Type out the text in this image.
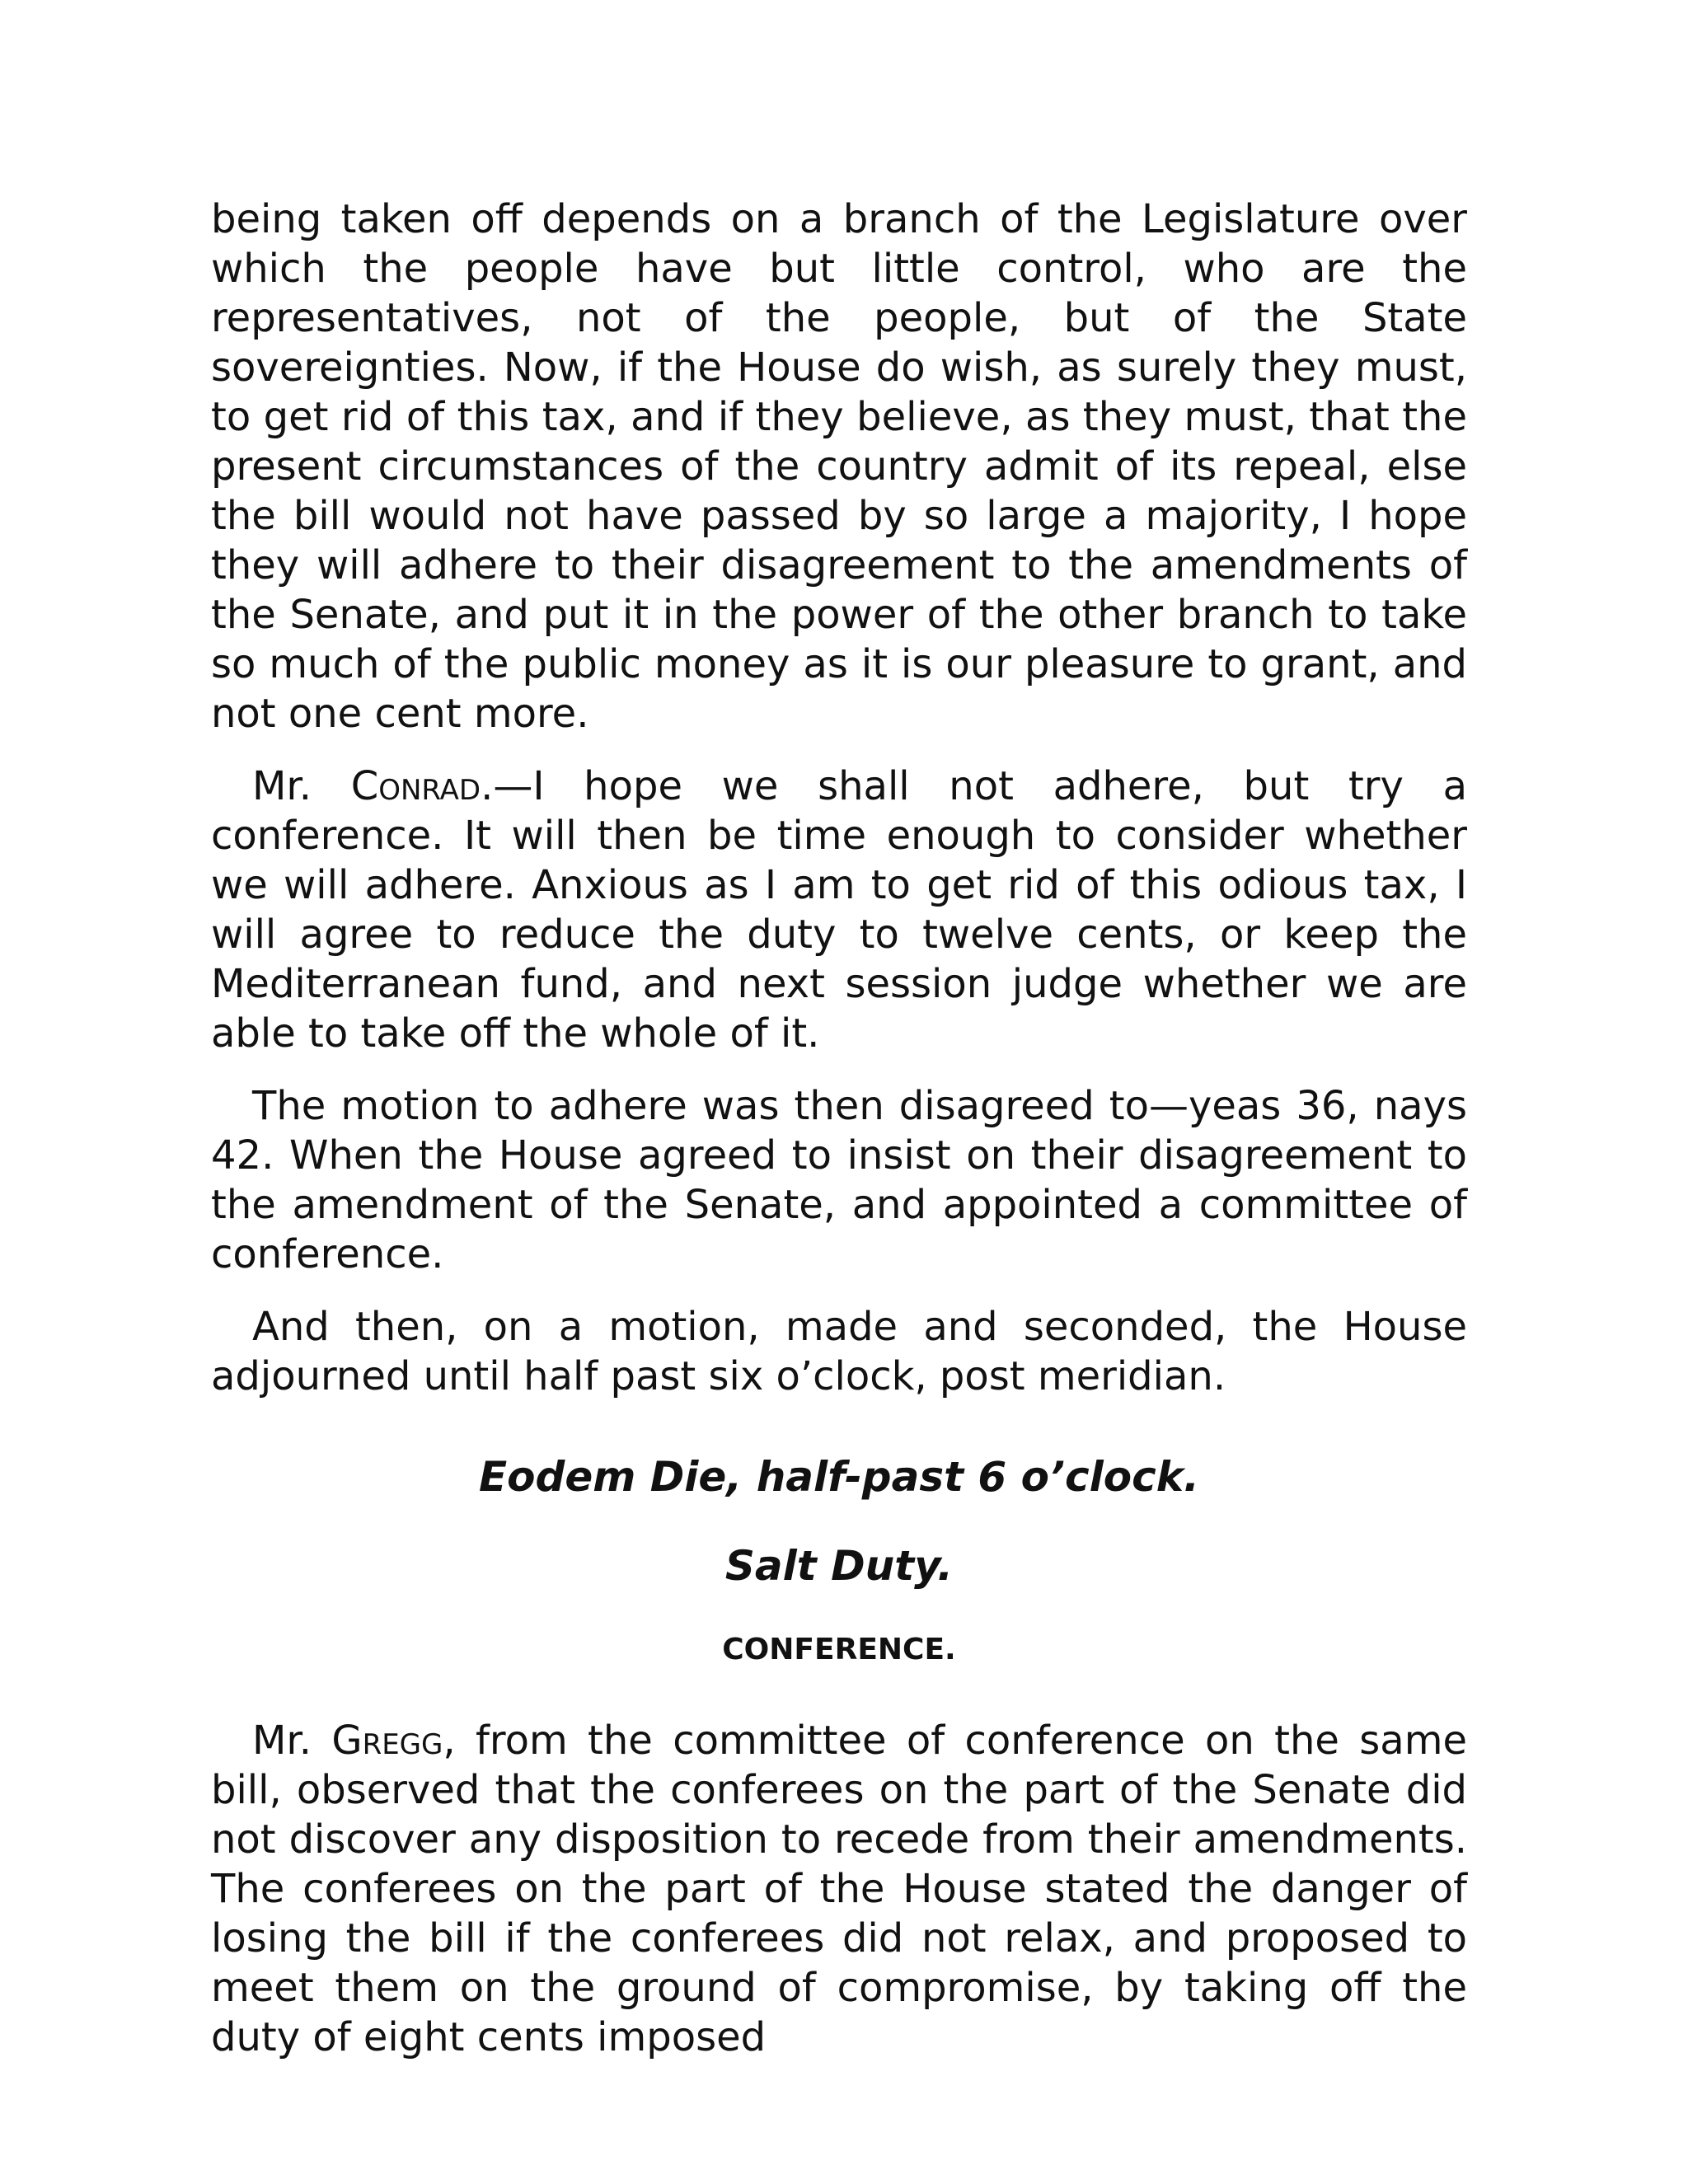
being taken off depends on a branch of the Legislature over which the people have but little control, who are the representatives, not of the people, but of the State sovereignties. Now, if the House do wish, as surely they must, to get rid of this tax, and if they believe, as they must, that the present circumstances of the country admit of its repeal, else the bill would not have passed by so large a majority, I hope they will adhere to their disagreement to the amendments of the Senate, and put it in the power of the other branch to take so much of the public money as it is our pleasure to grant, and not one cent more.

Mr. Conrad.—I hope we shall not adhere, but try a conference. It will then be time enough to consider whether we will adhere. Anxious as I am to get rid of this odious tax, I will agree to reduce the duty to twelve cents, or keep the Mediterranean fund, and next session judge whether we are able to take off the whole of it.

The motion to adhere was then disagreed to—yeas 36, nays 42. When the House agreed to insist on their disagreement to the amendment of the Senate, and appointed a committee of conference.

And then, on a motion, made and seconded, the House adjourned until half past six o’clock, post meridian.

Eodem Die, half-past 6 o’clock.
Salt Duty.
CONFERENCE.

Mr. Gregg, from the committee of conference on the same bill, observed that the conferees on the part of the Senate did not discover any disposition to recede from their amendments. The conferees on the part of the House stated the danger of losing the bill if the conferees did not relax, and proposed to meet them on the ground of compromise, by taking off the duty of eight cents imposed
